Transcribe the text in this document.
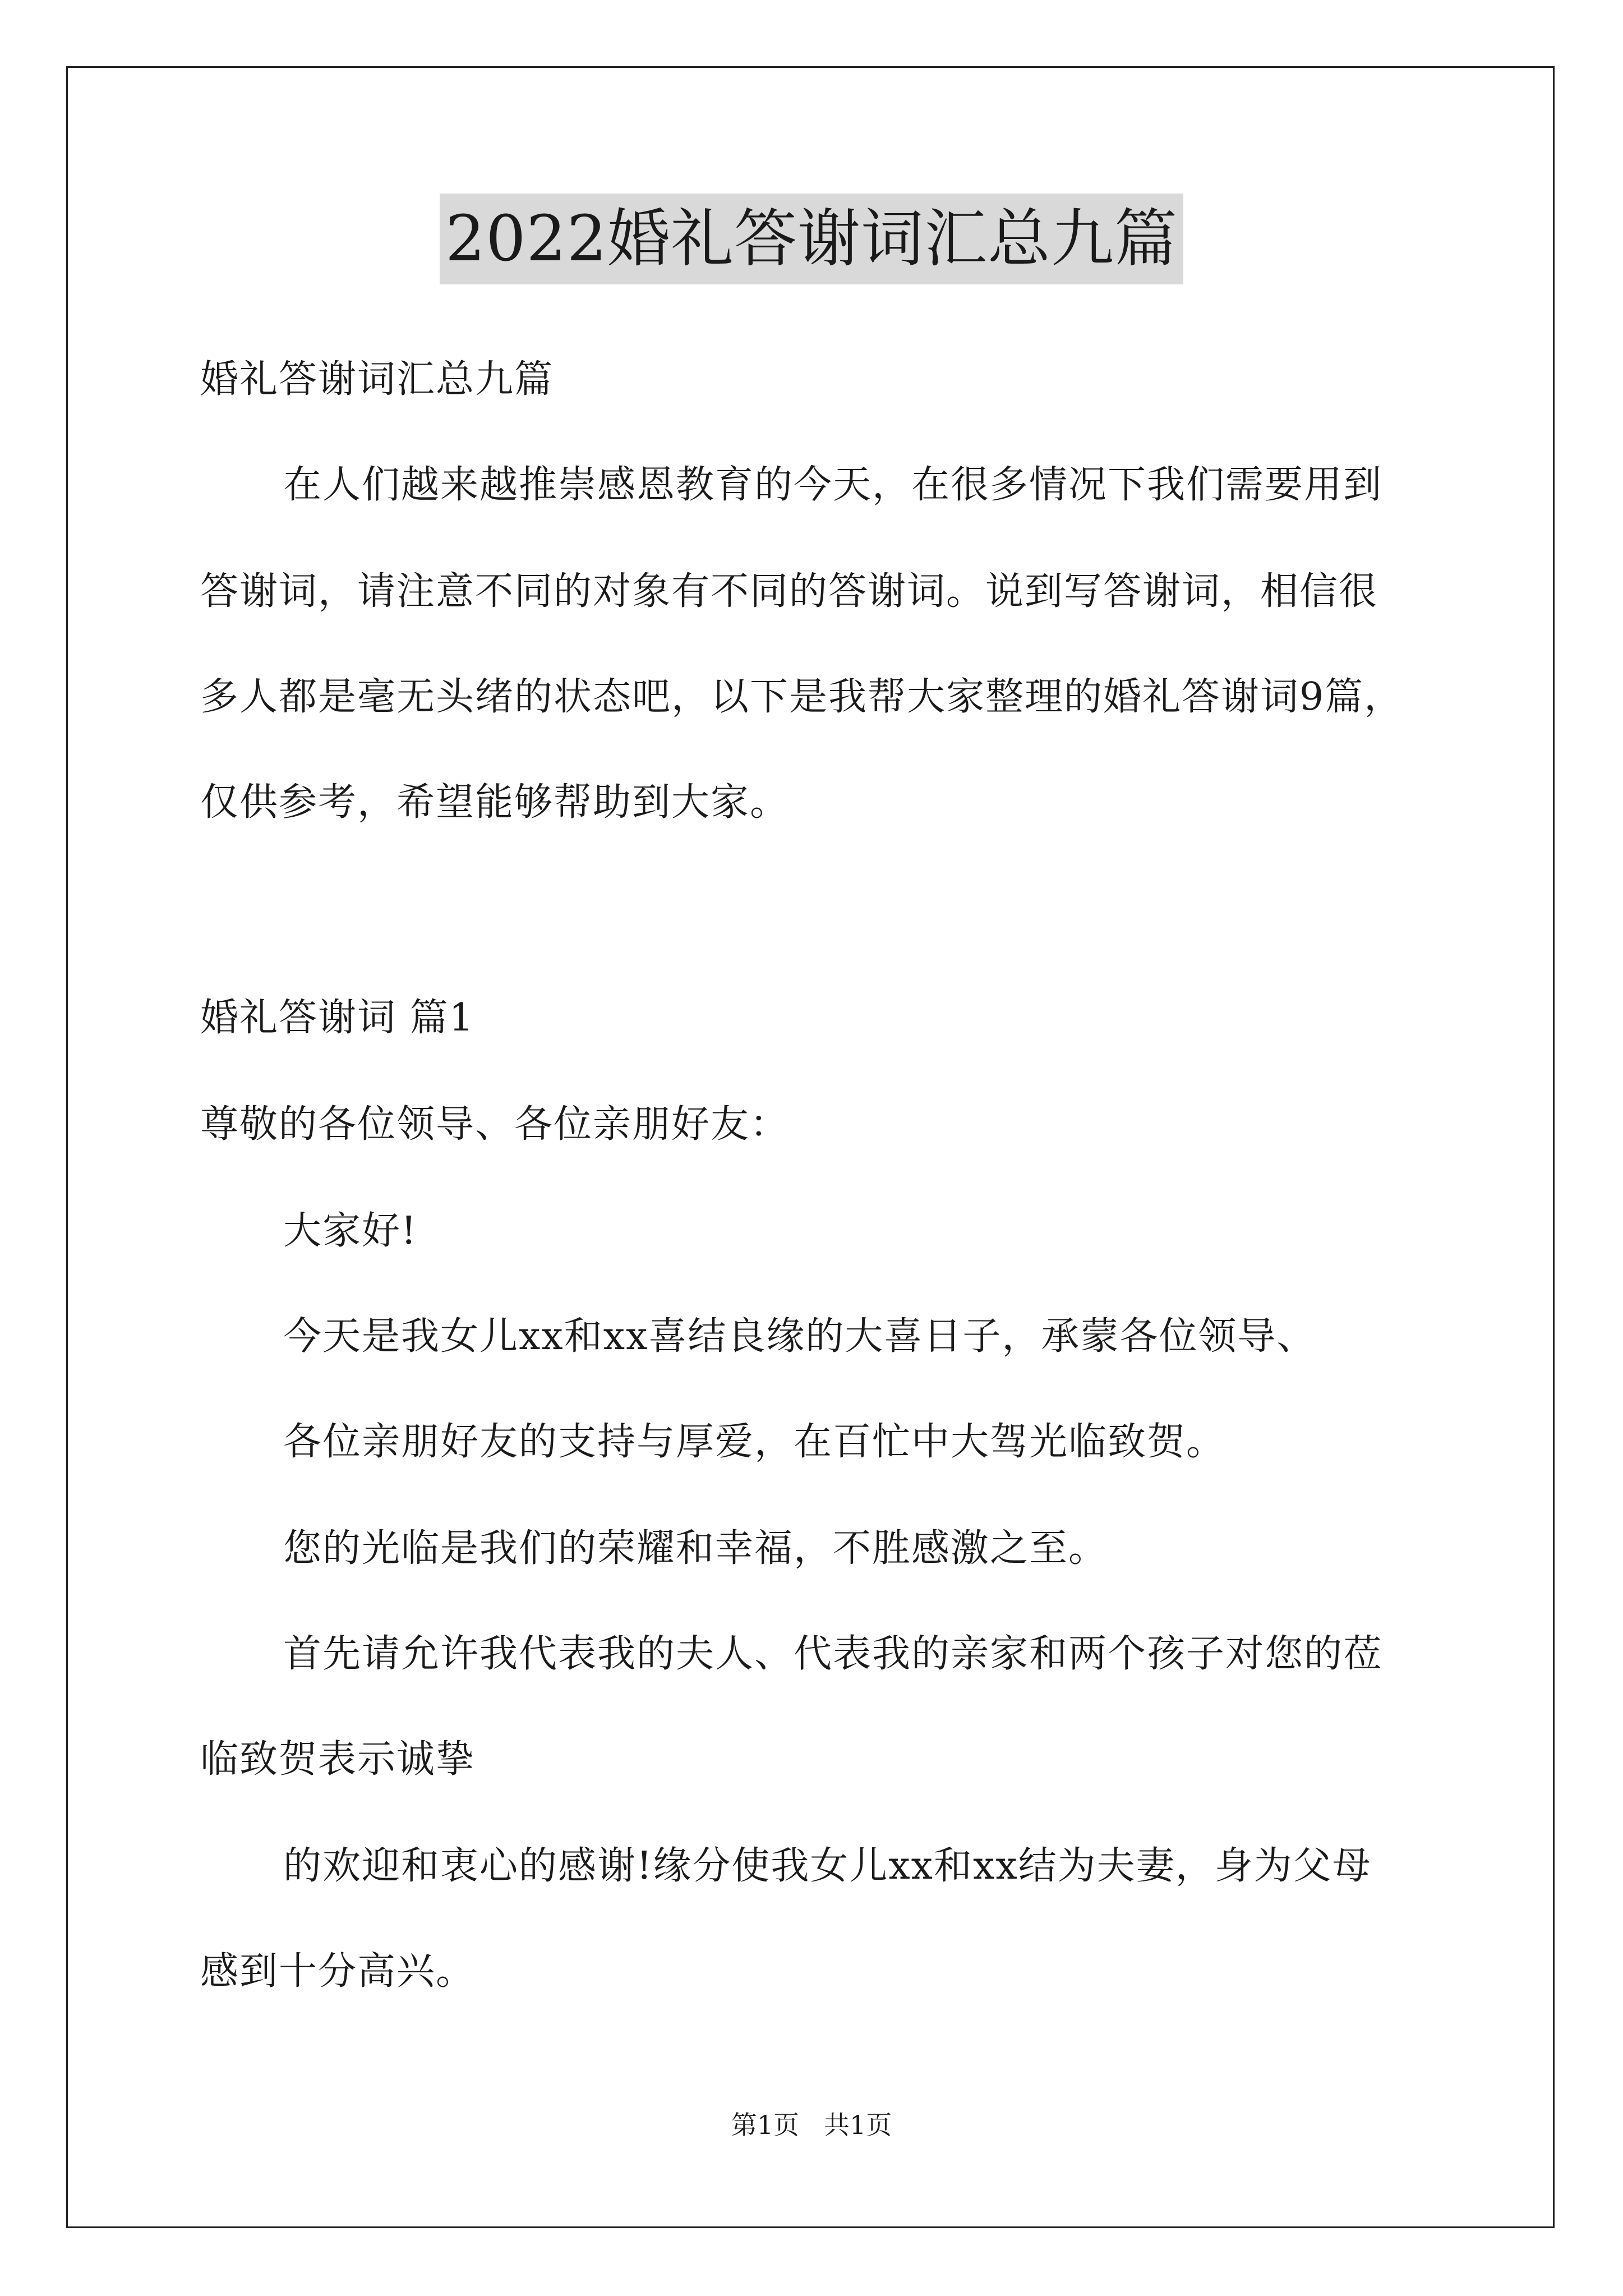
2022婚礼答谢词汇总九篇
婚礼答谢词汇总九篇
在人们越来越推崇感恩教育的今天，在很多情况下我们需要用到
答谢词，请注意不同的对象有不同的答谢词。说到写答谢词，相信很
多人都是毫无头绪的状态吧，以下是我帮大家整理的婚礼答谢词9篇，
仅供参考，希望能够帮助到大家。
婚礼答谢词 篇1
尊敬的各位领导、各位亲朋好友：
大家好!
今天是我女儿xx和xx喜结良缘的大喜日子，承蒙各位领导、
各位亲朋好友的支持与厚爱，在百忙中大驾光临致贺。
您的光临是我们的荣耀和幸福，不胜感激之至。
首先请允许我代表我的夫人、代表我的亲家和两个孩子对您的莅
临致贺表示诚挚
的欢迎和衷心的感谢!缘分使我女儿xx和xx结为夫妻，身为父母
感到十分高兴。
第1页 共1页
